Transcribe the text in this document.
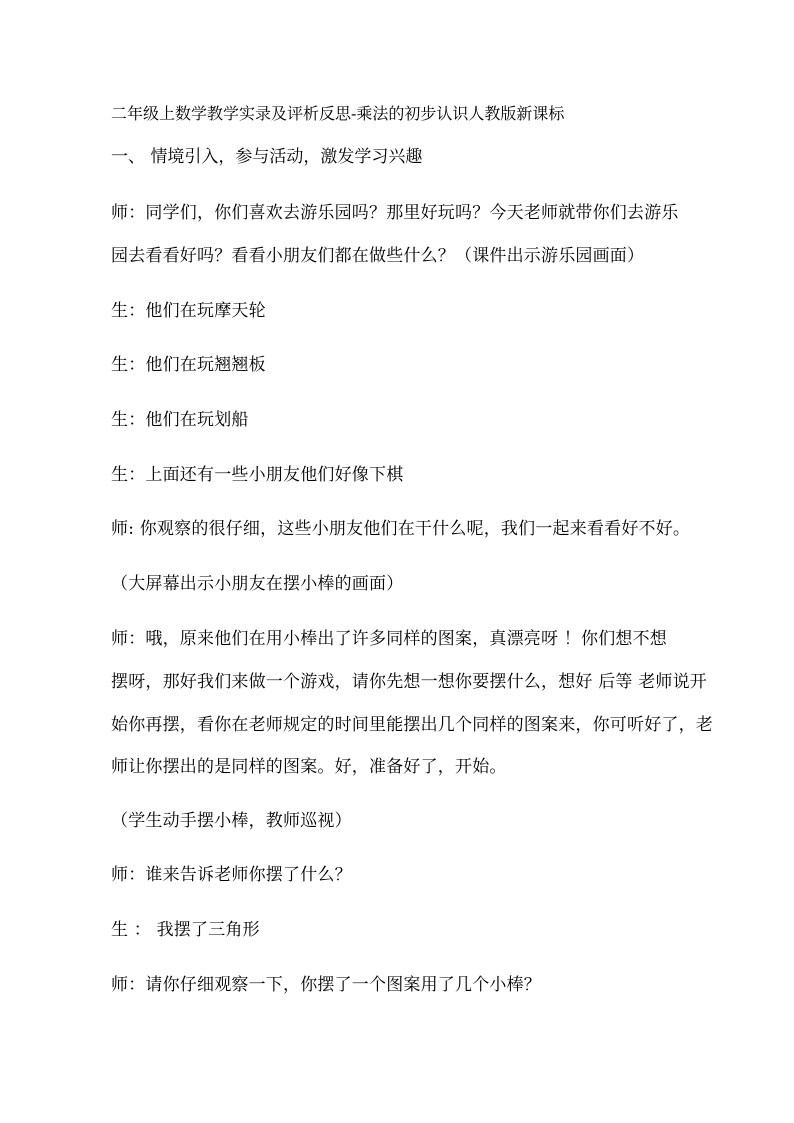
二年级上数学教学实录及评析反思-乘法的初步认识人教版新课标
一、 情境引入，参与活动，激发学习兴趣
师：同学们，你们喜欢去游乐园吗？那里好玩吗？今天老师就带你们去游乐
园去看看好吗？看看小朋友们都在做些什么？（课件出示游乐园画面）
生：他们在玩摩天轮
生：他们在玩翘翘板
生：他们在玩划船
生：上面还有一些小朋友他们好像下棋
师: 你观察的很仔细，这些小朋友他们在干什么呢，我们一起来看看好不好。
（大屏幕出示小朋友在摆小棒的画面）
师：哦，原来他们在用小棒出了许多同样的图案，真漂亮呀 ！你们想不想
摆呀，那好我们来做一个游戏，请你先想一想你要摆什么，想好 后等 老师说开
始你再摆，看你在老师规定的时间里能摆出几个同样的图案来，你可听好了，老
师让你摆出的是同样的图案。好，准备好了，开始。
（学生动手摆小棒，教师巡视）
师：谁来告诉老师你摆了什么？
生 ： 我摆了三角形
师：请你仔细观察一下，你摆了一个图案用了几个小棒？
